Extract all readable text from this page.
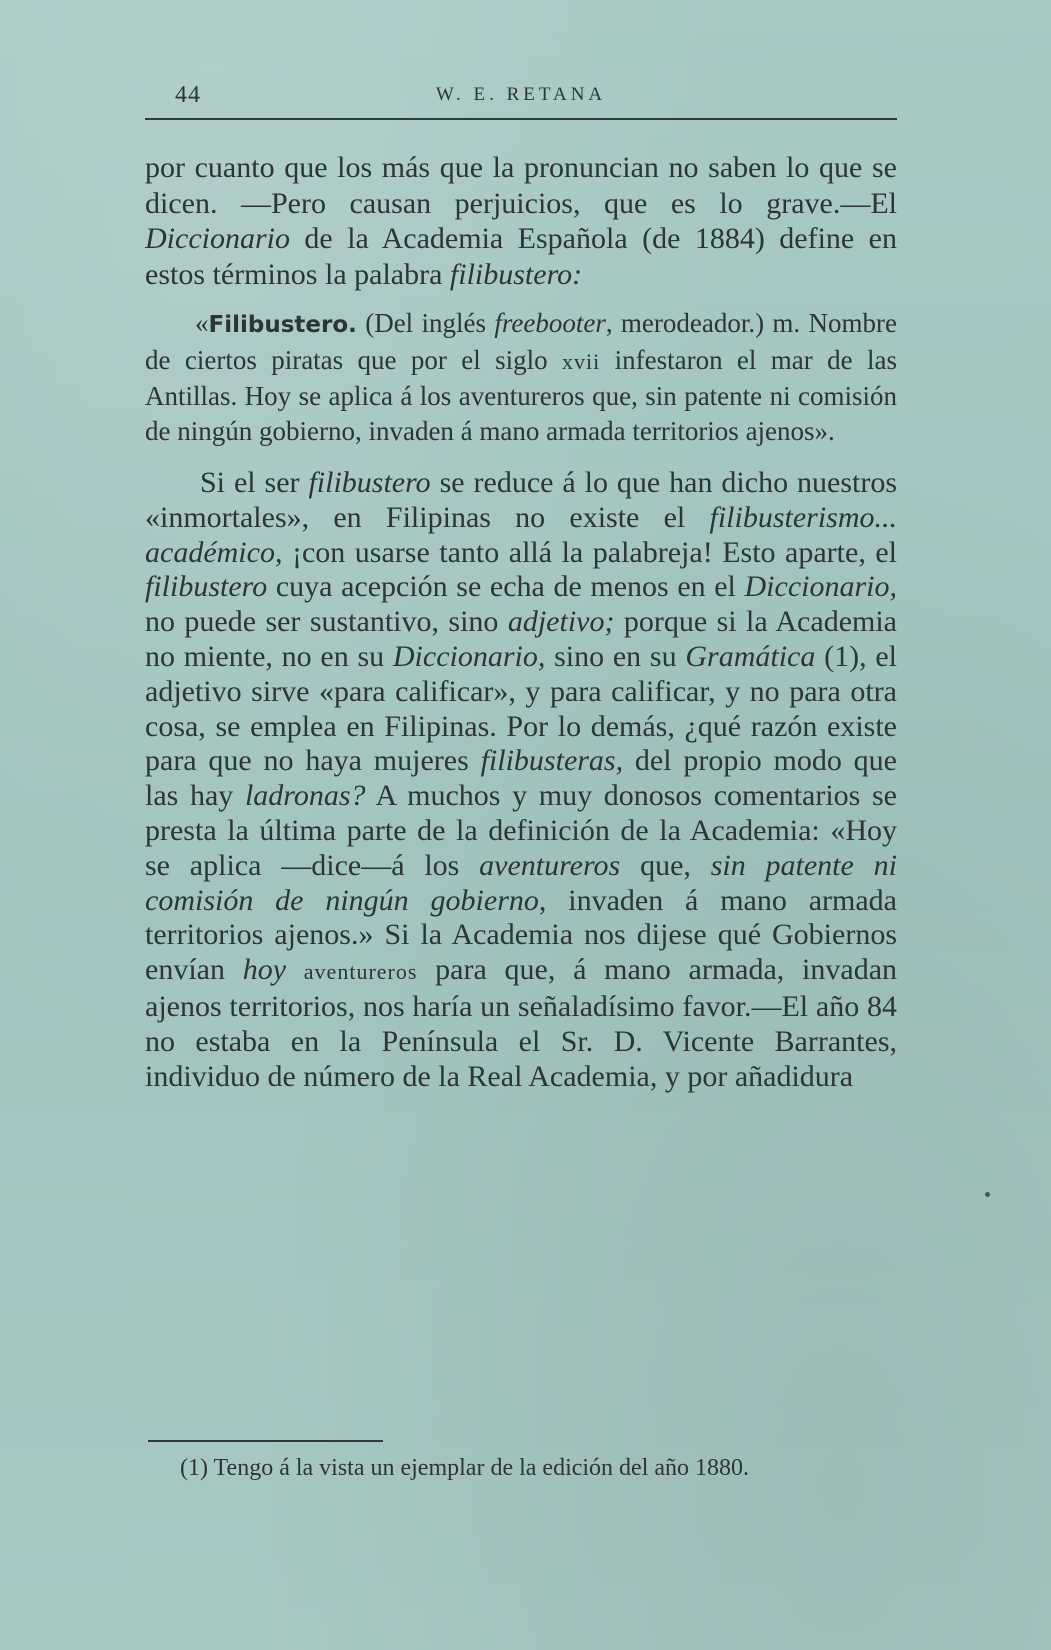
44	W. E. RETANA

por cuanto que los más que la pronuncian no saben lo que se dicen. —Pero causan perjuicios, que es lo grave.—El Diccionario de la Academia Española (de 1884) define en estos términos la palabra filibustero:

«Filibustero. (Del inglés freebooter, merodeador.) m. Nombre de ciertos piratas que por el siglo xvii infestaron el mar de las Antillas. Hoy se aplica á los aventureros que, sin patente ni comisión de ningún gobierno, invaden á mano armada territorios ajenos».

Si el ser filibustero se reduce á lo que han dicho nuestros «inmortales», en Filipinas no existe el filibusterismo... académico, ¡con usarse tanto allá la palabreja! Esto aparte, el filibustero cuya acepción se echa de menos en el Diccionario, no puede ser sustantivo, sino adjetivo; porque si la Academia no miente, no en su Diccionario, sino en su Gramática (1), el adjetivo sirve «para calificar», y para calificar, y no para otra cosa, se emplea en Filipinas. Por lo demás, ¿qué razón existe para que no haya mujeres filibusteras, del propio modo que las hay ladronas? A muchos y muy donosos comentarios se presta la última parte de la definición de la Academia: «Hoy se aplica —dice—á los aventureros que, sin patente ni comisión de ningún gobierno, invaden á mano armada territorios ajenos.» Si la Academia nos dijese qué Gobiernos envían hoy aventureros para que, á mano armada, invadan ajenos territorios, nos haría un señaladísimo favor.—El año 84 no estaba en la Península el Sr. D. Vicente Barrantes, individuo de número de la Real Academia, y por añadidura

(1) Tengo á la vista un ejemplar de la edición del año 1880.
